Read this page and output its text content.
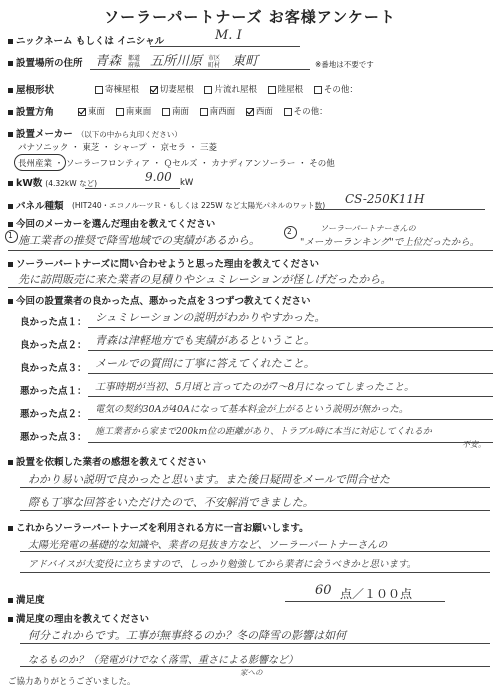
ソーラーパートナーズ お客様アンケート
ニックネーム もしくは イニシャル	M. I
設置場所の住所 青森 都道府県 五所川原 市区町村 東町	※番地は不要です
屋根形状	寄棟屋根 切妻屋根 片流れ屋根 陸屋根 その他：
設置方角	東面 南東面 南面 南西面 西面 その他：
設置メーカー （以下の中から丸印ください）
パナソニック ・ 東芝 ・ シャープ ・ 京セラ ・ 三菱
長州産業 ・ ソーラーフロンティア ・ Ｑセルズ ・ カナディアンソーラー ・ その他
kW数 (4.32kW など)	9.00 kW
パネル種類 (HIT240・エコノルーツＲ・もしくは 225W など太陽光パネルのワット数) CS-250K11H
今回のメーカーを選んだ理由を教えてください
1 施工業者の推奨で降雪地域での実績があるから。
2	ソーラーパートナーさんの
"メーカーランキング"で上位だったから。
ソーラーパートナーズに問い合わせようと思った理由を教えてください
先に訪問販売に来た業者の見積りやシュミレーションが怪しげだったから。
今回の設置業者の良かった点、悪かった点を３つずつ教えてください
良かった点１： シュミレーションの説明がわかりやすかった。
良かった点２： 青森は津軽地方でも実績があるということ。
良かった点３： メールでの質問に丁寧に答えてくれたこと。
悪かった点１： 工事時期が当初、5月頃と言ってたのが7〜8月になってしまったこと。
悪かった点２： 電気の契約30Aが40Aになって基本料金が上がるという説明が無かった。
悪かった点３： 施工業者から家まで200km位の距離があり、トラブル時に本当に対応してくれるか
不安。
設置を依頼した業者の感想を教えてください
わかり易い説明で良かったと思います。また後日疑問をメールで問合せた
際も丁寧な回答をいただけたので、不安解消できました。
これからソーラーパートナーズを利用される方に一言お願いします。
太陽光発電の基礎的な知識や、業者の見抜き方など、ソーラーパートナーさんの
アドバイスが大変役に立ちますので、しっかり勉強してから業者に会うべきかと思います。
満足度
60 点／１００点
満足度の理由を教えてください
何分これからです。工事が無事終るのか？冬の降雪の影響は如何
なるものか？（発電がけでなく落雪、重さによる影響など）
家への
ご協力ありがとうございました。
